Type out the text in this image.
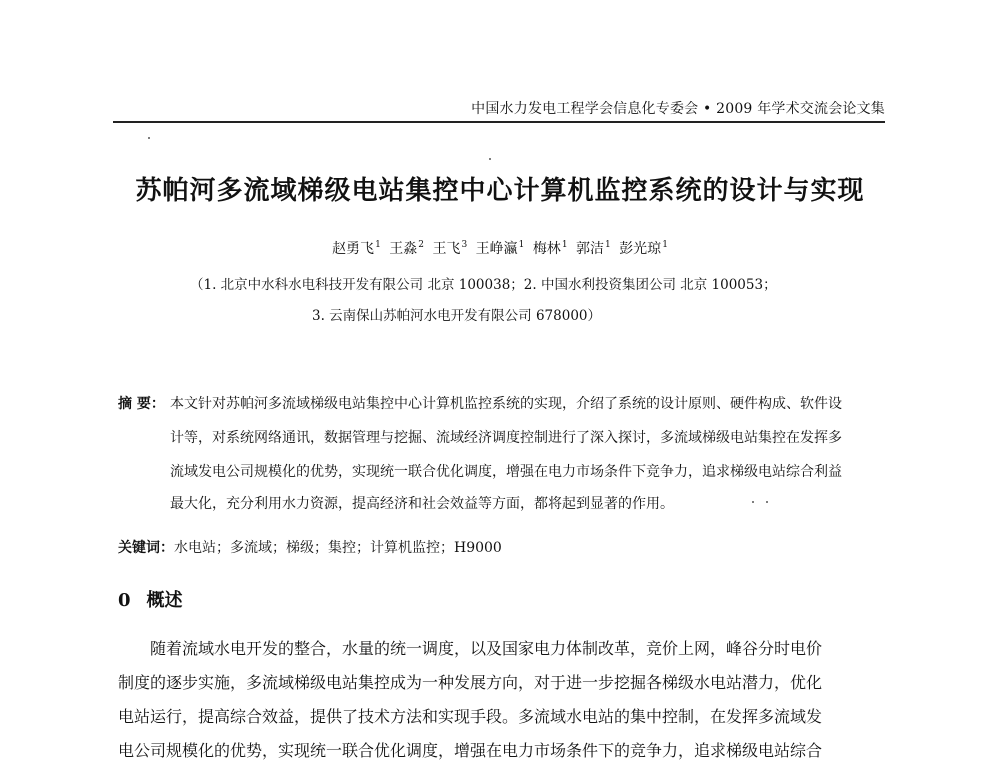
中国水力发电工程学会信息化专委会 • 2009 年学术交流会论文集
苏帕河多流域梯级电站集控中心计算机监控系统的设计与实现
赵勇飞$^1$ 王淼$^2$ 王飞$^3$ 王峥瀛$^1$ 梅林$^1$ 郭洁$^1$ 彭光琼$^1$
（1. 北京中水科水电科技开发有限公司 北京 100038；2. 中国水利投资集团公司 北京 100053；
3. 云南保山苏帕河水电开发有限公司 678000）
摘 要： 本文针对苏帕河多流域梯级电站集控中心计算机监控系统的实现，介绍了系统的设计原则、硬件构成、软件设
计等，对系统网络通讯，数据管理与挖掘、流域经济调度控制进行了深入探讨，多流域梯级电站集控在发挥多
流域发电公司规模化的优势，实现统一联合优化调度，增强在电力市场条件下竞争力，追求梯级电站综合利益
最大化，充分利用水力资源，提高经济和社会效益等方面，都将起到显著的作用。
关键词：水电站；多流域；梯级；集控；计算机监控；H9000
0 概述
随着流域水电开发的整合，水量的统一调度，以及国家电力体制改革，竞价上网，峰谷分时电价
制度的逐步实施，多流域梯级电站集控成为一种发展方向，对于进一步挖掘各梯级水电站潜力，优化
电站运行，提高综合效益，提供了技术方法和实现手段。多流域水电站的集中控制，在发挥多流域发
电公司规模化的优势，实现统一联合优化调度，增强在电力市场条件下的竞争力，追求梯级电站综合
